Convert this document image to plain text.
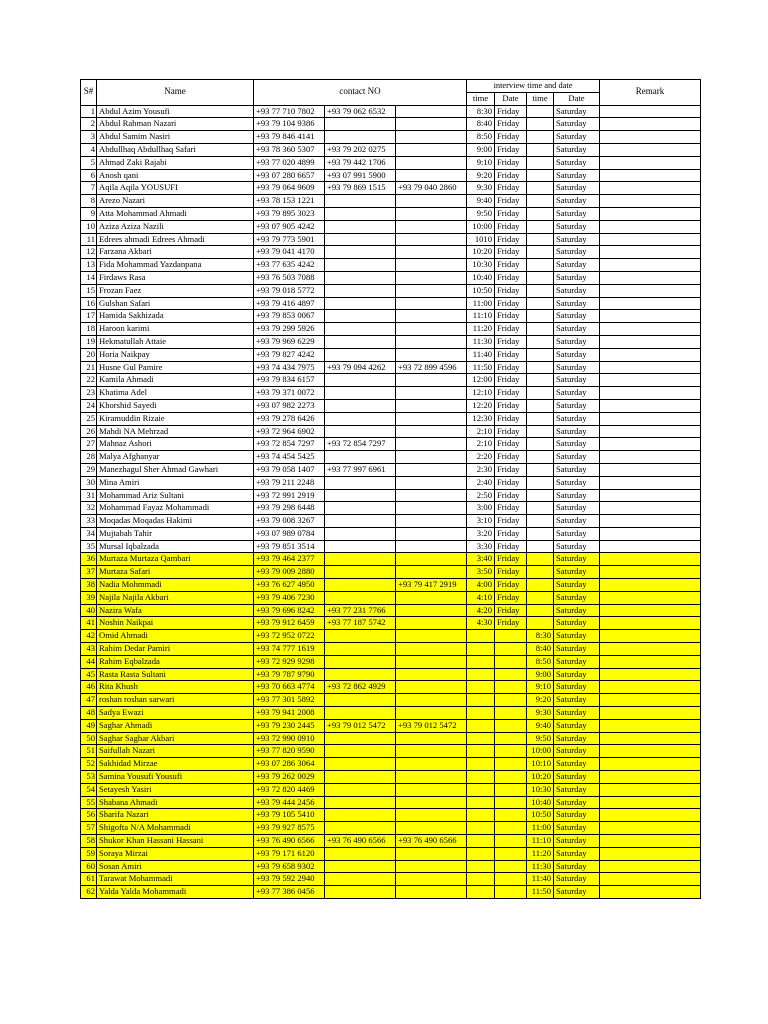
S#	Name	contact NO			interview time and date				Remark
					time	Date	time	Date	
1	Abdul Azim Yousufi	+93 77 710 7802	+93 79 062 6532		8:30	Friday		Saturday	
2	Abdul Rahman Nazari	+93 79 104 9386			8:40	Friday		Saturday	
3	Abdul Samim Nasiri	+93 79 846 4141			8:50	Friday		Saturday	
4	Abdullhaq Abdullhaq Safari	+93 78 360 5307	+93 79 202 0275		9:00	Friday		Saturday	
5	Ahmad Zaki Rajabi	+93 77 020 4899	+93 79 442 1706		9:10	Friday		Saturday	
6	Anosh qani	+93 07 280 6657	+93 07 991 5900		9:20	Friday		Saturday	
7	Aqila Aqila YOUSUFI	+93 79 064 9609	+93 79 869 1515	+93 79 040 2860	9:30	Friday		Saturday	
8	Arezo Nazari	+93 78 153 1221			9:40	Friday		Saturday	
9	Atta Mohammad Ahmadi	+93 79 895 3023			9:50	Friday		Saturday	
10	Aziza Aziza Nazili	+93 07 905 4242			10:00	Friday		Saturday	
11	Edrees ahmadi Edrees Ahmadi	+93 79 773 5901			1010	Friday		Saturday	
12	Farzana Akbari	+93 79 041 4170			10:20	Friday		Saturday	
13	Fida Mohammad Yazdanpana	+93 77 635 4242			10:30	Friday		Saturday	
14	Firdaws Rasa	+93 76 503 7088			10:40	Friday		Saturday	
15	Frozan Faez	+93 79 018 5772			10:50	Friday		Saturday	
16	Gulshan Safari	+93 79 416 4897			11:00	Friday		Saturday	
17	Hamida Sakhizada	+93 79 853 0067			11:10	Friday		Saturday	
18	Haroon karimi	+93 79 299 5926			11:20	Friday		Saturday	
19	Hekmatullah Attaie	+93 79 969 6229			11:30	Friday		Saturday	
20	Horia Naikpay	+93 79 827 4242			11:40	Friday		Saturday	
21	Husne Gul Pamire	+93 74 434 7975	+93 79 094 4262	+93 72 899 4596	11:50	Friday		Saturday	
22	Kamila Ahmadi	+93 79 834 6157			12:00	Friday		Saturday	
23	Khatima Adel	+93 79 371 0072			12:10	Friday		Saturday	
24	Khorshid Sayedi	+93 07 982 2273			12:20	Friday		Saturday	
25	Kiramuddin Rizaie	+93 79 278 6426			12:30	Friday		Saturday	
26	Mahdi NA Mehrzad	+93 72 964 6902			2:10	Friday		Saturday	
27	Mahnaz Ashori	+93 72 854 7297	+93 72 854 7297		2:10	Friday		Saturday	
28	Malya Afghanyar	+93 74 454 5425			2:20	Friday		Saturday	
29	Manezhagul Sher Ahmad Gawhari	+93 79 058 1407	+93 77 997 6961		2:30	Friday		Saturday	
30	Mina Amiri	+93 79 211 2248			2:40	Friday		Saturday	
31	Mohammad Ariz Sultani	+93 72 991 2919			2:50	Friday		Saturday	
32	Mohammad Fayaz Mohammadi	+93 79 298 6448			3:00	Friday		Saturday	
33	Moqadas Moqadas Hakimi	+93 79 008 3267			3:10	Friday		Saturday	
34	Mujtabah Tahir	+93 07 989 0784			3:20	Friday		Saturday	
35	Mursal Iqbalzada	+93 79 851 3514			3:30	Friday		Saturday	
36	Murtaza Murtaza Qambari	+93 79 464 2377			3:40	Friday		Saturday	
37	Murtaza Safari	+93 79 009 2880			3:50	Friday		Saturday	
38	Nadia Mohmmadi	+93 76 627 4950		+93 79 417 2919	4:00	Friday		Saturday	
39	Najila Najila Akbari	+93 79 406 7230			4:10	Friday		Saturday	
40	Nazira Wafa	+93 79 696 8242	+93 77 231 7766		4:20	Friday		Saturday	
41	Noshin Naikpai	+93 79 912 6459	+93 77 187 5742		4:30	Friday		Saturday	
42	Omid Ahmadi	+93 72 952 0722					8:30	Saturday	
43	Rahim Dedar Pamiri	+93 74 777 1619					8:40	Saturday	
44	Rahim Eqbalzada	+93 72 929 9298					8:50	Saturday	
45	Rasta Rasta Sultani	+93 79 787 9790					9:00	Saturday	
46	Rita Khush	+93 70 663 4774	+93 72 862 4929				9:10	Saturday	
47	roshan roshan sarwari	+93 77 301 5892					9:20	Saturday	
48	Sadya Ewazi	+93 79 941 2008					9:30	Saturday	
49	Saghar Ahmadi	+93 79 230 2445	+93 79 012 5472	+93 79 012 5472			9:40	Saturday	
50	Saghar Saghar Akbari	+93 72 990 0910					9:50	Saturday	
51	Saifullah Nazari	+93 77 820 9590					10:00	Saturday	
52	Sakhidad Mirzae	+93 07 286 3064					10:10	Saturday	
53	Samina Yousufi Yousufi	+93 79 262 0029					10:20	Saturday	
54	Setayesh Yasiri	+93 72 820 4469					10:30	Saturday	
55	Shabana Ahmadi	+93 79 444 2456					10:40	Saturday	
56	Sharifa Nazari	+93 79 105 5410					10:50	Saturday	
57	Shigofta N/A Mohammadi	+93 79 927 8575					11:00	Saturday	
58	Shukor Khan Hassani Hassani	+93 76 490 6566	+93 76 490 6566	+93 76 490 6566			11:10	Saturday	
59	Soraya Mirzai	+93 79 171 6120					11:20	Saturday	
60	Sosan Amiri	+93 79 658 9302					11:30	Saturday	
61	Tarawat Mohammadi	+93 79 592 2940					11:40	Saturday	
62	Yalda Yalda Mohammadi	+93 77 386 0456					11:50	Saturday	
